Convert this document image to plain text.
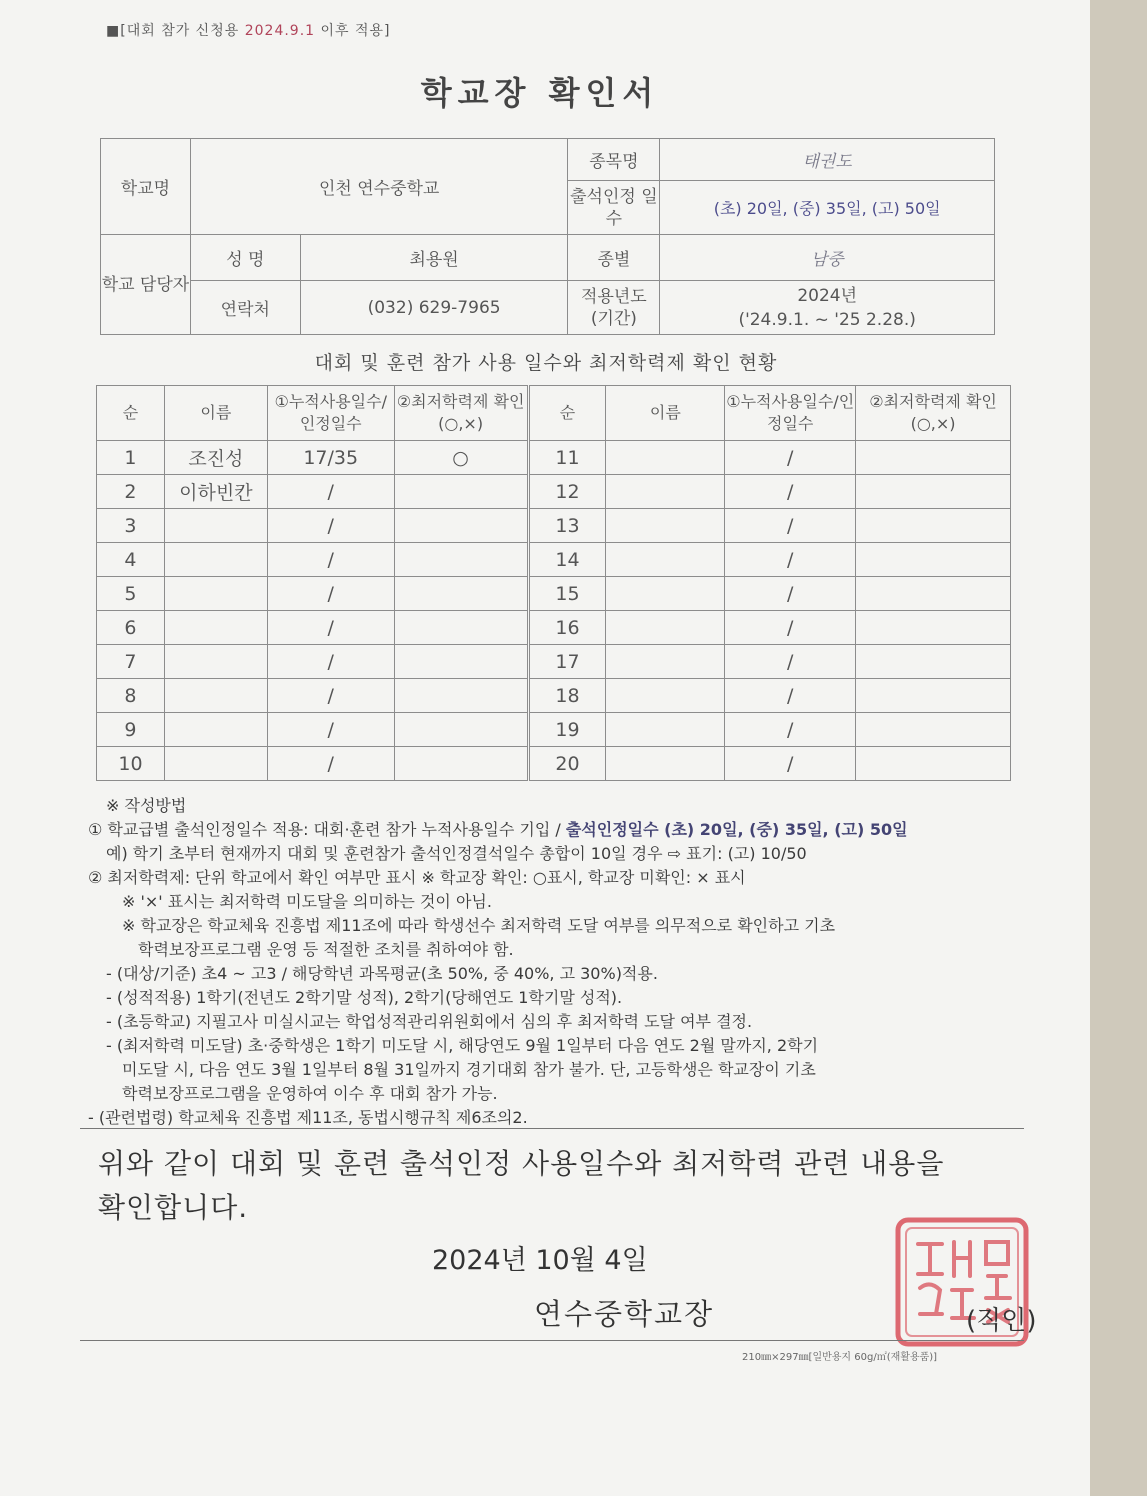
■[대회 참가 신청용 2024.9.1 이후 적용]
학교장 확인서
학교명	인천 연수중학교		종목명	태권도
			출석인정 일수	(초) 20일, (중) 35일, (고) 50일
학교 담당자	성 명	최용원	종별	남중
	연락처	(032) 629-7965	적용년도 (기간)	2024년
('24.9.1. ~ '25 2.28.)
대회 및 훈련 참가 사용 일수와 최저학력제 확인 현황
순	이름	①누적사용일수/인정일수	②최저학력제 확인(○,×)	순	이름	①누적사용일수/인정일수	②최저학력제 확인(○,×)
1	조진성	17/35	○	11		/	
2	이하빈칸	/		12		/	
3		/		13		/	
4		/		14		/	
5		/		15		/	
6		/		16		/	
7		/		17		/	
8		/		18		/	
9		/		19		/	
10		/		20		/	

※ 작성방법

① 학교급별 출석인정일수 적용: 대회·훈련 참가 누적사용일수 기입 / 출석인정일수 (초) 20일, (중) 35일, (고) 50일

예) 학기 초부터 현재까지 대회 및 훈련참가 출석인정결석일수 총합이 10일 경우 ⇨ 표기: (고) 10/50

② 최저학력제: 단위 학교에서 확인 여부만 표시 ※ 학교장 확인: ○표시, 학교장 미확인: × 표시

※ '×' 표시는 최저학력 미도달을 의미하는 것이 아님.

※ 학교장은 학교체육 진흥법 제11조에 따라 학생선수 최저학력 도달 여부를 의무적으로 확인하고 기초

학력보장프로그램 운영 등 적절한 조치를 취하여야 함.

- (대상/기준) 초4 ~ 고3 / 해당학년 과목평균(초 50%, 중 40%, 고 30%)적용.

- (성적적용) 1학기(전년도 2학기말 성적), 2학기(당해연도 1학기말 성적).

- (초등학교) 지필고사 미실시교는 학업성적관리위원회에서 심의 후 최저학력 도달 여부 결정.

- (최저학력 미도달) 초·중학생은 1학기 미도달 시, 해당연도 9월 1일부터 다음 연도 2월 말까지, 2학기

미도달 시, 다음 연도 3월 1일부터 8월 31일까지 경기대회 참가 불가. 단, 고등학생은 학교장이 기초

학력보장프로그램을 운영하여 이수 후 대회 참가 가능.

- (관련법령) 학교체육 진흥법 제11조, 동법시행규칙 제6조의2.

위와 같이 대회 및 훈련 출석인정 사용일수와 최저학력 관련 내용을
확인합니다.
2024년 10월 4일
연수중학교장	(직인)
210㎜×297㎜[일반용지 60g/㎡(재활용품)]
